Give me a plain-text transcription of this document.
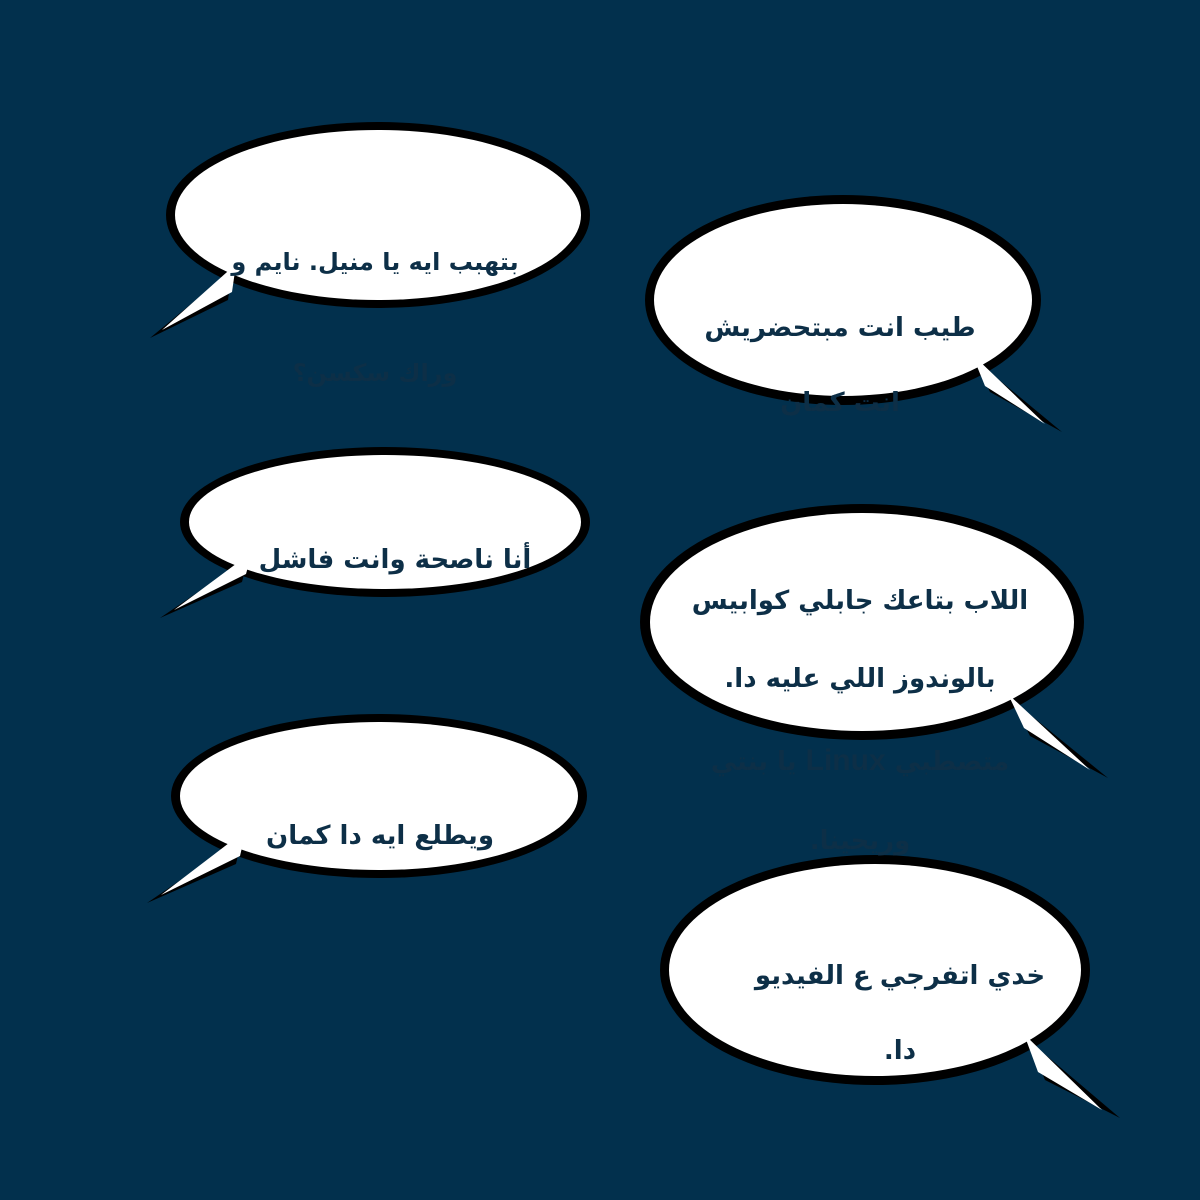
بتهبب ايه يا منيل. نايم و

وراك سكسن؟

طيب انت مبتحضريش

انت كمان

أنا ناصحة وانت فاشل

اللاب بتاعك جابلي كوابيس

بالوندوز اللي عليه دا.

متصطبي Linux يا بنتي

وريحينا.

ويطلع ايه دا كمان

خدي اتفرجي ع الفيديو

دا.
